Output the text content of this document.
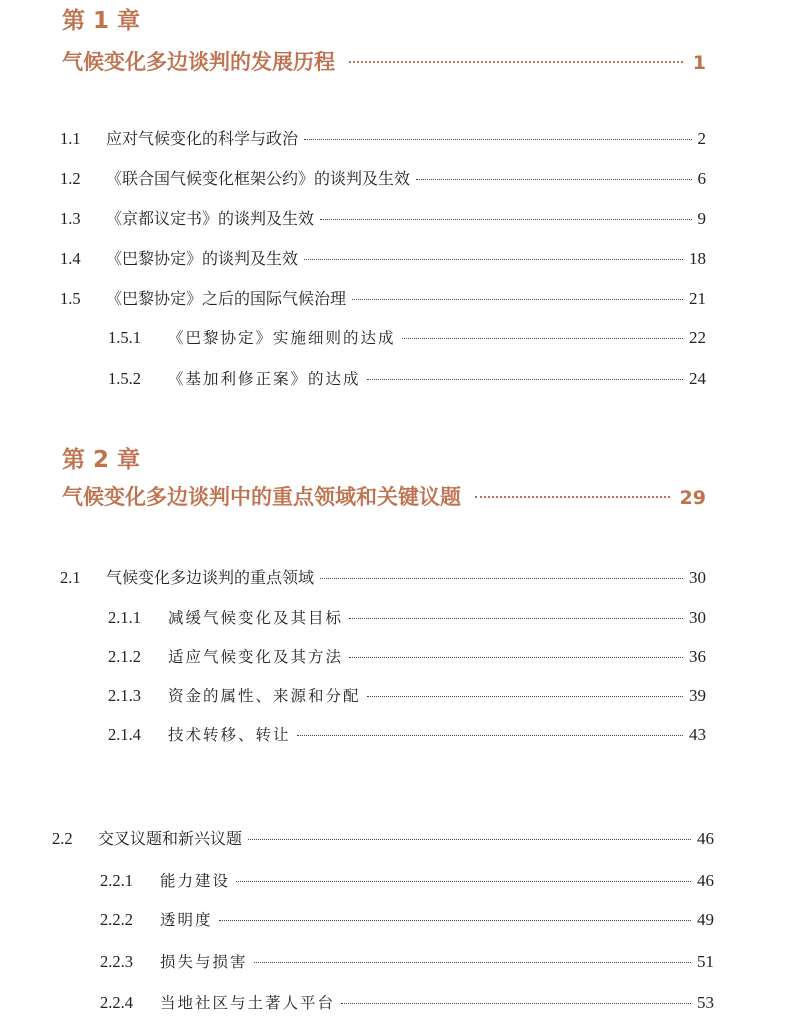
第 1 章
气候变化多边谈判的发展历程	1
1.1	应对气候变化的科学与政治	2
1.2	《联合国气候变化框架公约》的谈判及生效	6
1.3	《京都议定书》的谈判及生效	9
1.4	《巴黎协定》的谈判及生效	18
1.5	《巴黎协定》之后的国际气候治理	21
1.5.1	《巴黎协定》实施细则的达成	22
1.5.2	《基加利修正案》的达成	24
第 2 章
气候变化多边谈判中的重点领域和关键议题	29
2.1	气候变化多边谈判的重点领域	30
2.1.1	减缓气候变化及其目标	30
2.1.2	适应气候变化及其方法	36
2.1.3	资金的属性、来源和分配	39
2.1.4	技术转移、转让	43
2.2	交叉议题和新兴议题	46
2.2.1	能力建设	46
2.2.2	透明度	49
2.2.3	损失与损害	51
2.2.4	当地社区与土著人平台	53
